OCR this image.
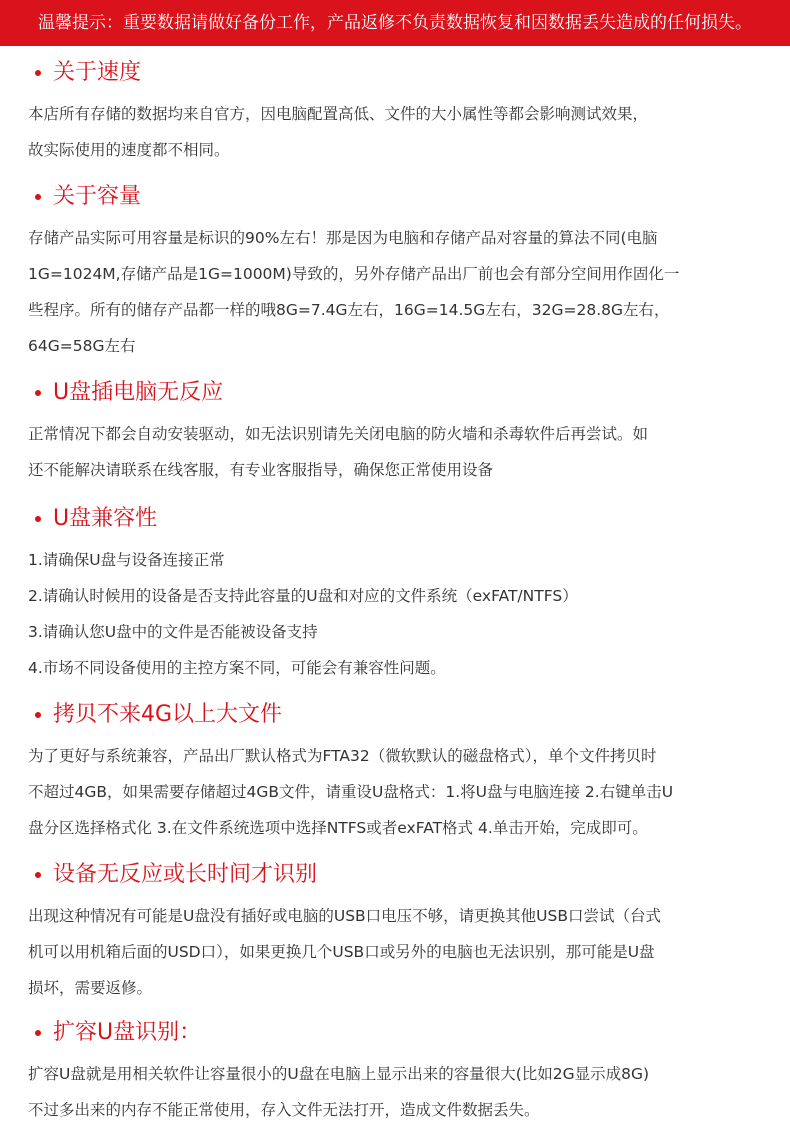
温馨提示：重要数据请做好备份工作，产品返修不负责数据恢复和因数据丢失造成的任何损失。
关于速度

本店所有存储的数据均来自官方，因电脑配置高低、文件的大小属性等都会影响测试效果，

故实际使用的速度都不相同。

关于容量

存储产品实际可用容量是标识的90%左右！那是因为电脑和存储产品对容量的算法不同(电脑

1G=1024M,存储产品是1G=1000M)导致的，另外存储产品出厂前也会有部分空间用作固化一

些程序。所有的储存产品都一样的哦8G=7.4G左右，16G=14.5G左右，32G=28.8G左右，

64G=58G左右

U盘插电脑无反应

正常情况下都会自动安装驱动，如无法识别请先关闭电脑的防火墙和杀毒软件后再尝试。如

还不能解决请联系在线客服，有专业客服指导，确保您正常使用设备

U盘兼容性

1.请确保U盘与设备连接正常

2.请确认时候用的设备是否支持此容量的U盘和对应的文件系统（exFAT/NTFS）

3.请确认您U盘中的文件是否能被设备支持

4.市场不同设备使用的主控方案不同，可能会有兼容性问题。

拷贝不来4G以上大文件

为了更好与系统兼容，产品出厂默认格式为FTA32（微软默认的磁盘格式），单个文件拷贝时

不超过4GB，如果需要存储超过4GB文件，请重设U盘格式：1.将U盘与电脑连接 2.右键单击U

盘分区选择格式化 3.在文件系统选项中选择NTFS或者exFAT格式 4.单击开始，完成即可。

设备无反应或长时间才识别

出现这种情况有可能是U盘没有插好或电脑的USB口电压不够，请更换其他USB口尝试（台式

机可以用机箱后面的USD口），如果更换几个USB口或另外的电脑也无法识别，那可能是U盘

损坏，需要返修。

扩容U盘识别：

扩容U盘就是用相关软件让容量很小的U盘在电脑上显示出来的容量很大(比如2G显示成8G)

不过多出来的内存不能正常使用，存入文件无法打开，造成文件数据丢失。
